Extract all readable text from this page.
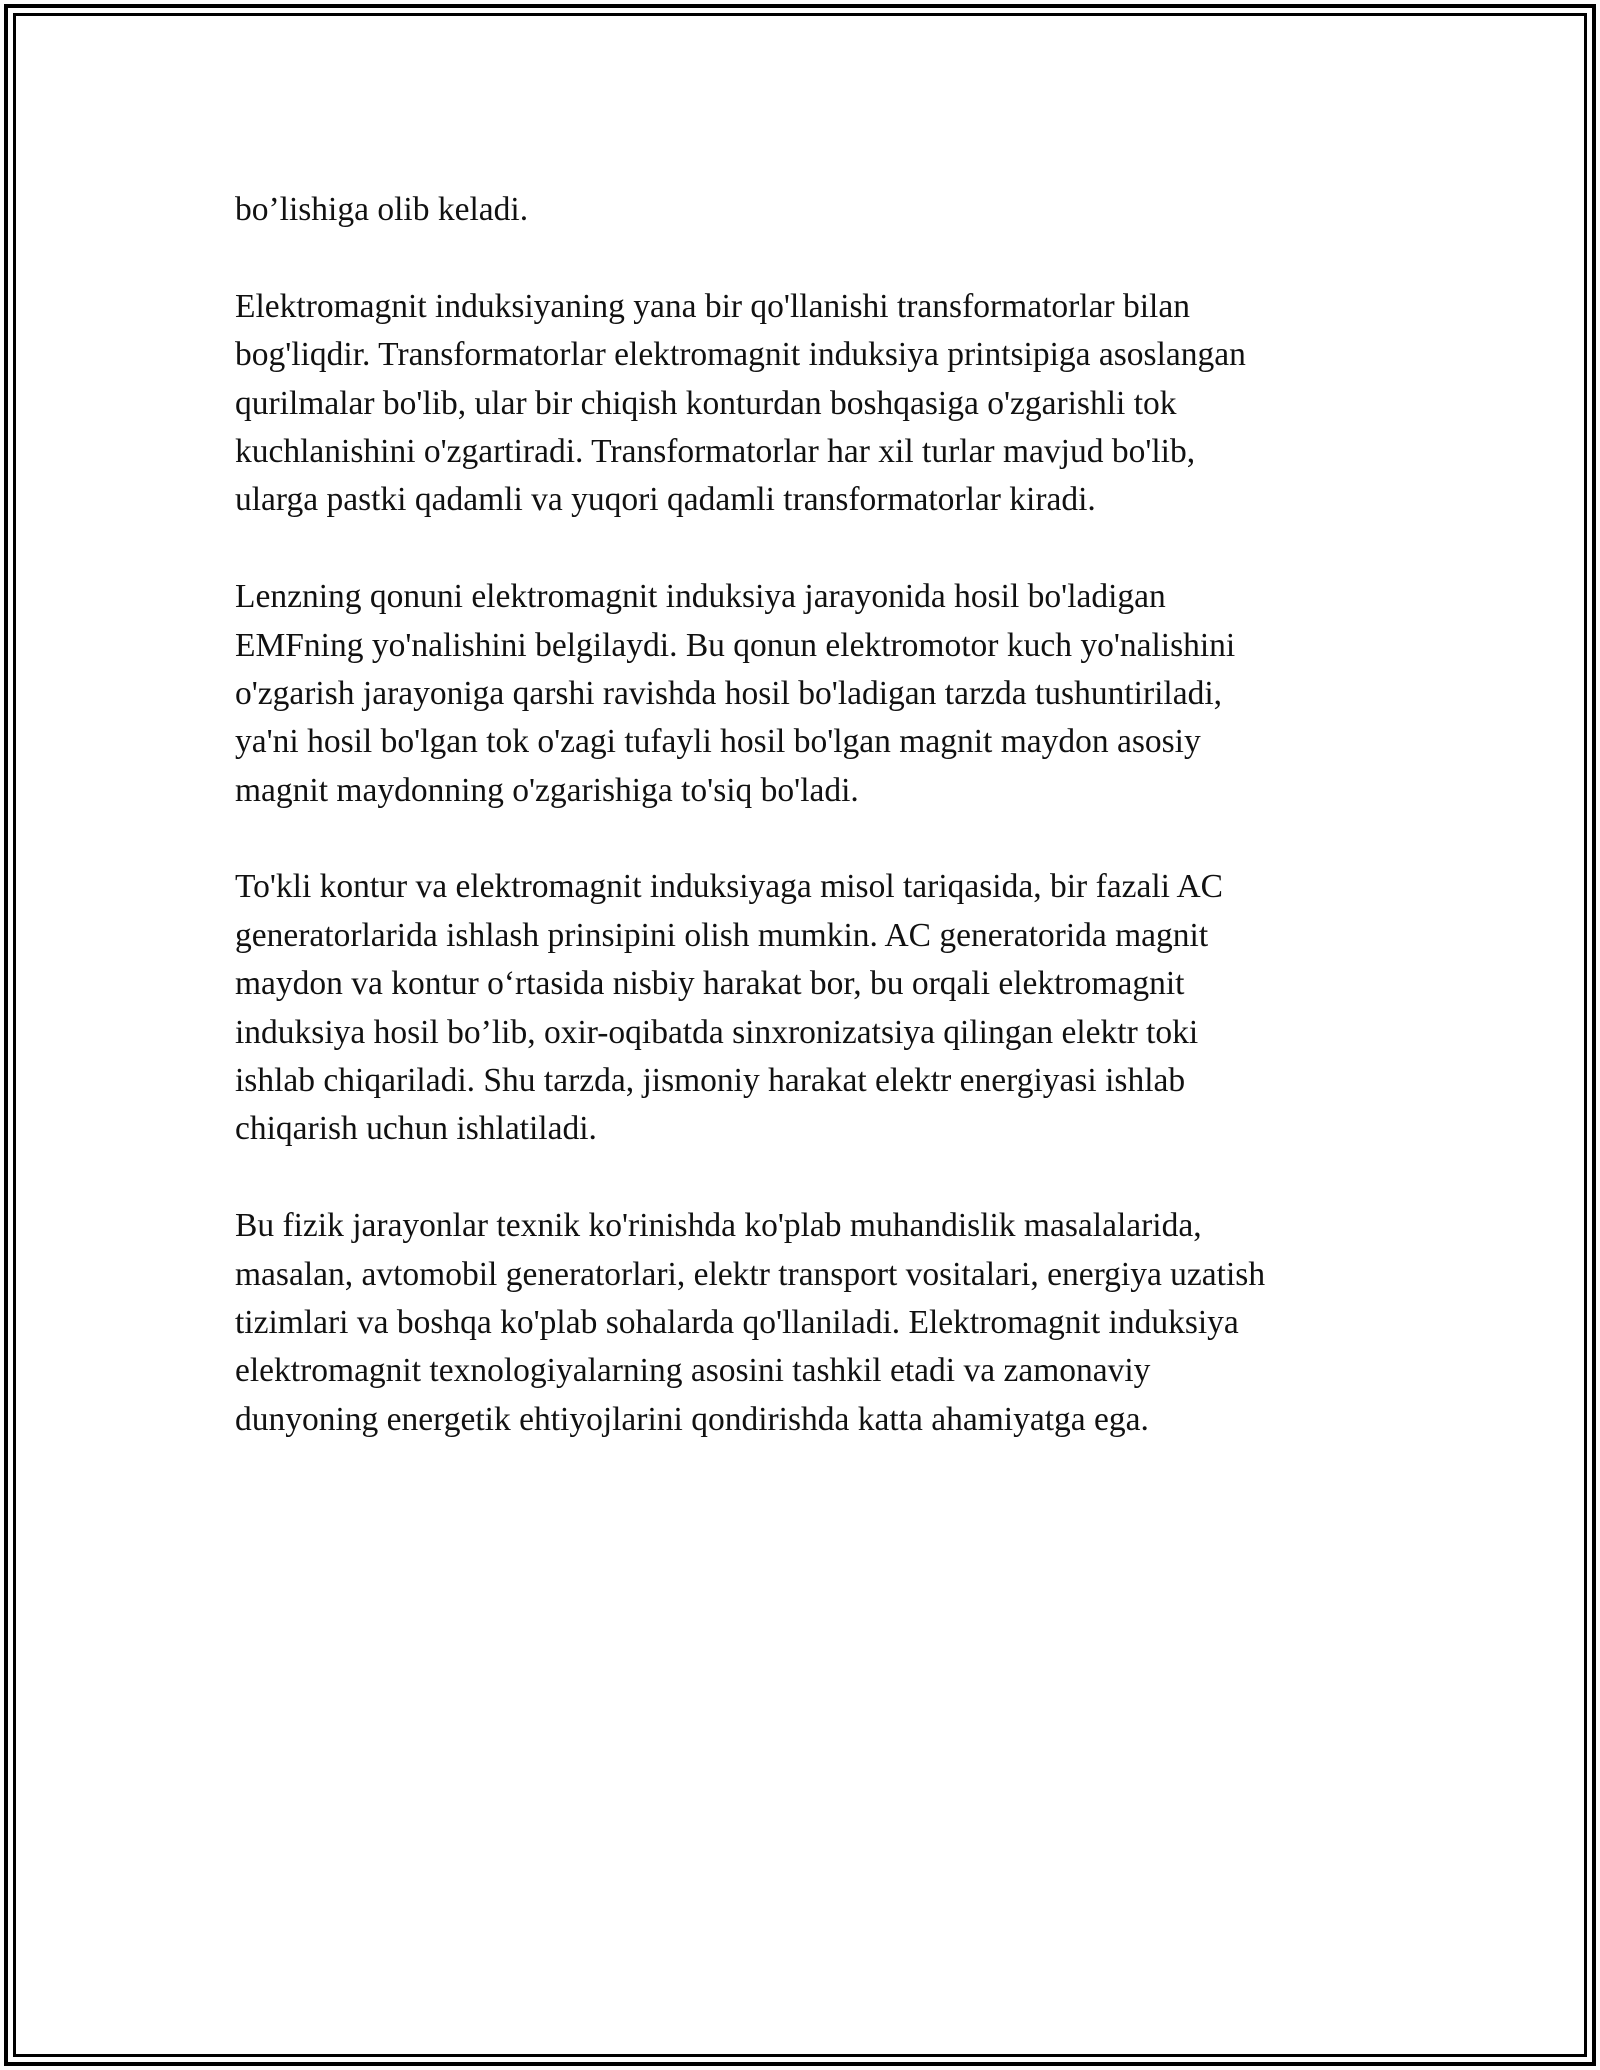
bo’lishiga olib keladi.
Elektromagnit induksiyaning yana bir qo'llanishi transformatorlar bilan
bog'liqdir. Transformatorlar elektromagnit induksiya printsipiga asoslangan
qurilmalar bo'lib, ular bir chiqish konturdan boshqasiga o'zgarishli tok
kuchlanishini o'zgartiradi. Transformatorlar har xil turlar mavjud bo'lib,
ularga pastki qadamli va yuqori qadamli transformatorlar kiradi.
Lenzning qonuni elektromagnit induksiya jarayonida hosil bo'ladigan
EMFning yo'nalishini belgilaydi. Bu qonun elektromotor kuch yo'nalishini
o'zgarish jarayoniga qarshi ravishda hosil bo'ladigan tarzda tushuntiriladi,
ya'ni hosil bo'lgan tok o'zagi tufayli hosil bo'lgan magnit maydon asosiy
magnit maydonning o'zgarishiga to'siq bo'ladi.
To'kli kontur va elektromagnit induksiyaga misol tariqasida, bir fazali AC
generatorlarida ishlash prinsipini olish mumkin. AC generatorida magnit
maydon va kontur o‘rtasida nisbiy harakat bor, bu orqali elektromagnit
induksiya hosil bo’lib, oxir-oqibatda sinxronizatsiya qilingan elektr toki
ishlab chiqariladi. Shu tarzda, jismoniy harakat elektr energiyasi ishlab
chiqarish uchun ishlatiladi.
Bu fizik jarayonlar texnik ko'rinishda ko'plab muhandislik masalalarida,
masalan, avtomobil generatorlari, elektr transport vositalari, energiya uzatish
tizimlari va boshqa ko'plab sohalarda qo'llaniladi. Elektromagnit induksiya
elektromagnit texnologiyalarning asosini tashkil etadi va zamonaviy
dunyoning energetik ehtiyojlarini qondirishda katta ahamiyatga ega.
